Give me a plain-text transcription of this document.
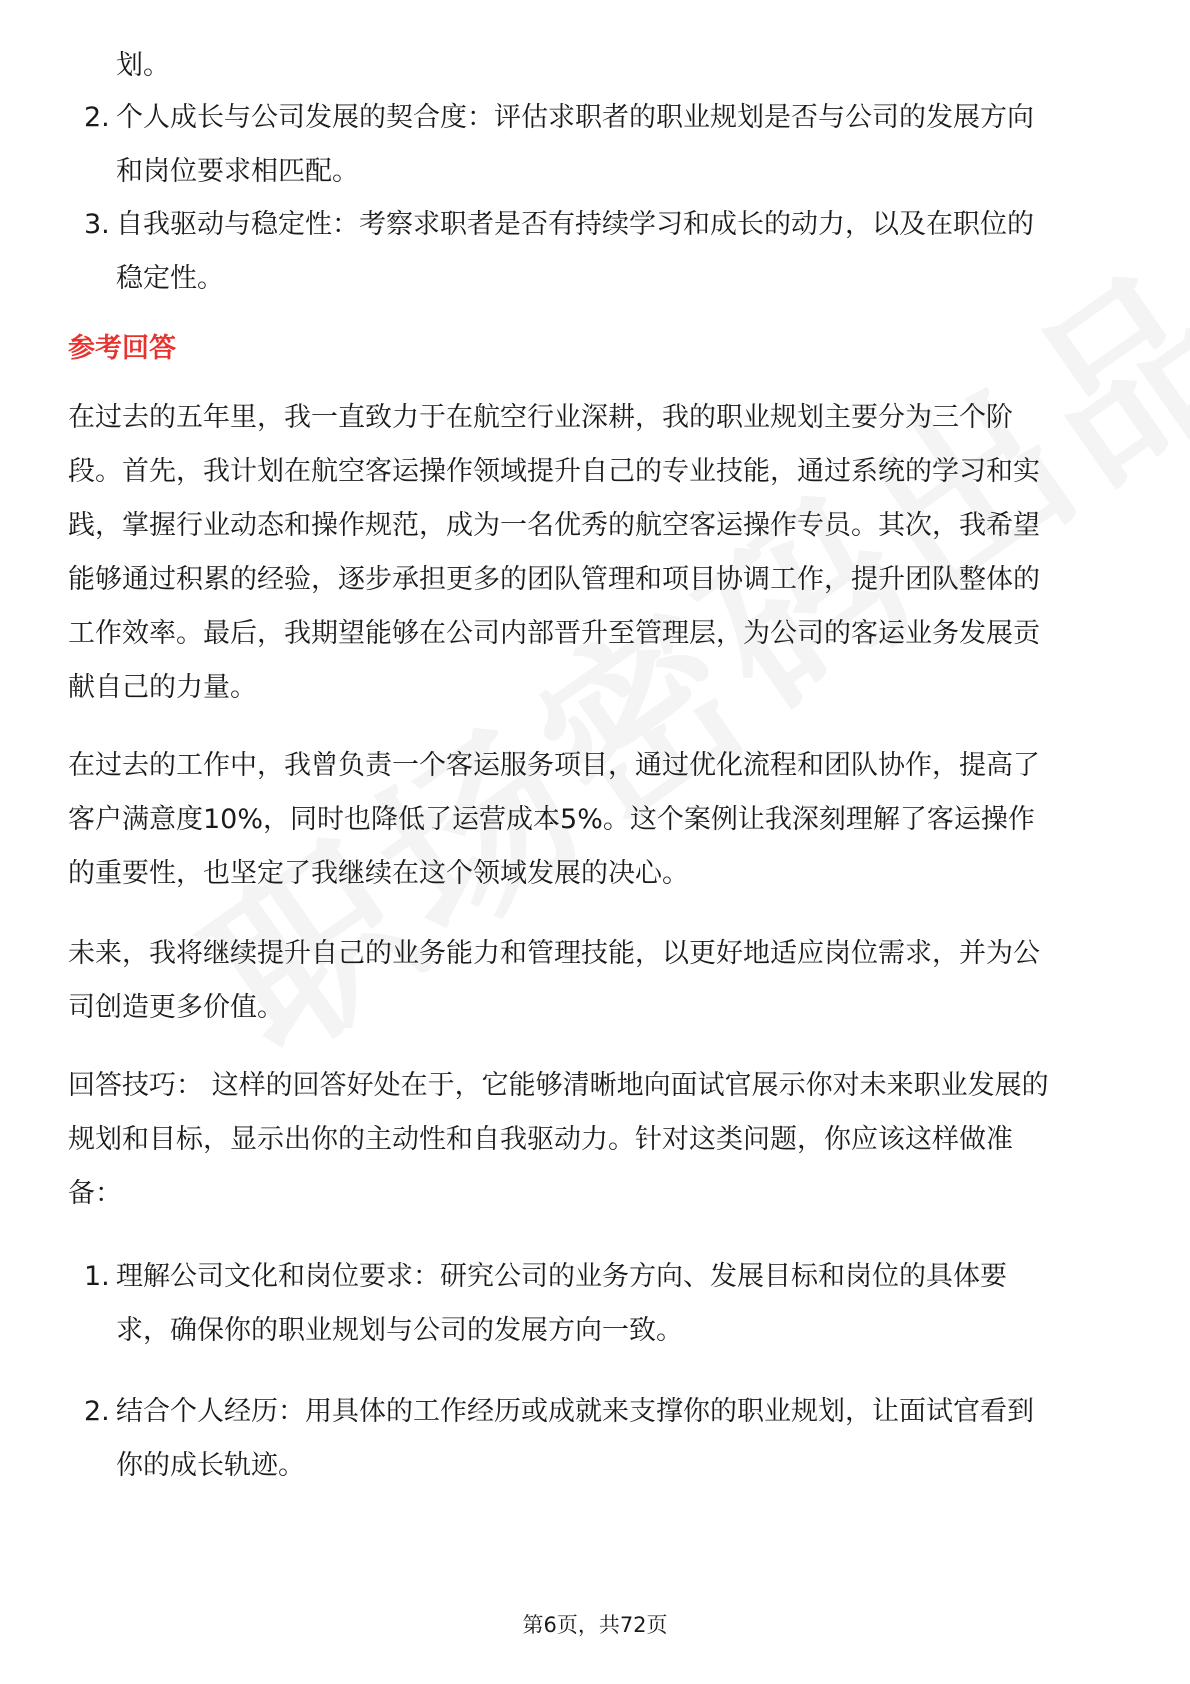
划。
2. 个人成长与公司发展的契合度：评估求职者的职业规划是否与公司的发展方向
和岗位要求相匹配。
3. 自我驱动与稳定性：考察求职者是否有持续学习和成长的动力，以及在职位的
稳定性。
参考回答
在过去的五年里，我一直致力于在航空行业深耕，我的职业规划主要分为三个阶
段。首先，我计划在航空客运操作领域提升自己的专业技能，通过系统的学习和实
践，掌握行业动态和操作规范，成为一名优秀的航空客运操作专员。其次，我希望
能够通过积累的经验，逐步承担更多的团队管理和项目协调工作，提升团队整体的
工作效率。最后，我期望能够在公司内部晋升至管理层，为公司的客运业务发展贡
献自己的力量。
在过去的工作中，我曾负责一个客运服务项目，通过优化流程和团队协作，提高了
客户满意度10%，同时也降低了运营成本5%。这个案例让我深刻理解了客运操作
的重要性，也坚定了我继续在这个领域发展的决心。
未来，我将继续提升自己的业务能力和管理技能，以更好地适应岗位需求，并为公
司创造更多价值。
回答技巧： 这样的回答好处在于，它能够清晰地向面试官展示你对未来职业发展的
规划和目标，显示出你的主动性和自我驱动力。针对这类问题，你应该这样做准
备：
1. 理解公司文化和岗位要求：研究公司的业务方向、发展目标和岗位的具体要
求，确保你的职业规划与公司的发展方向一致。
2. 结合个人经历：用具体的工作经历或成就来支撑你的职业规划，让面试官看到
你的成长轨迹。
第6页，共72页
